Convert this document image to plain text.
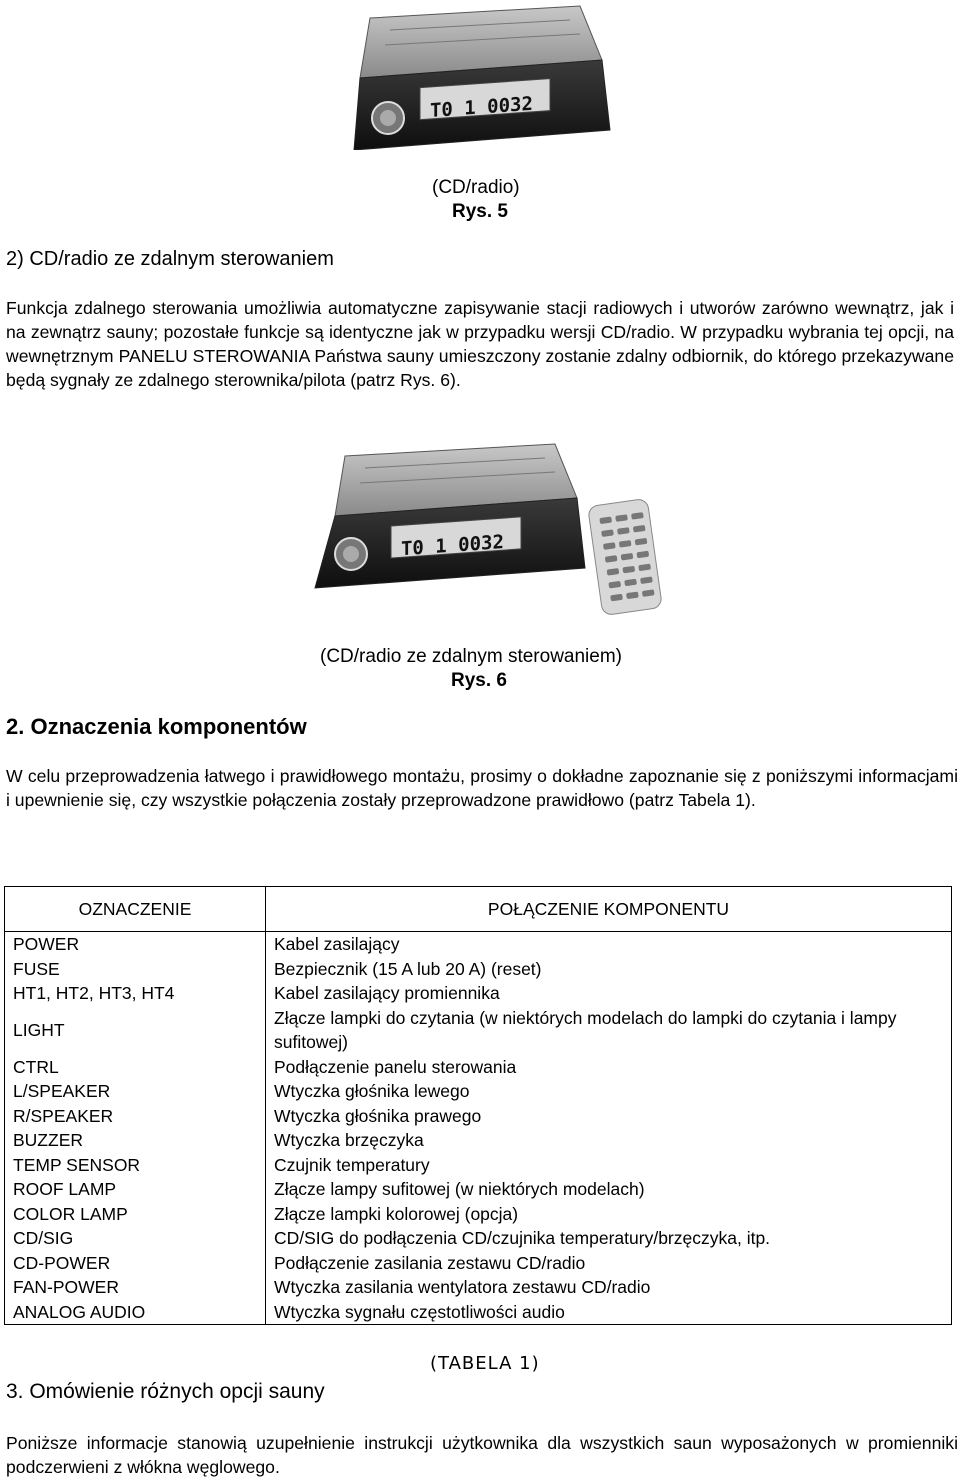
T0 1 0032
(CD/radio)
Rys. 5
2) CD/radio ze zdalnym sterowaniem

Funkcja zdalnego sterowania umożliwia automatyczne zapisywanie stacji radiowych i utworów zarówno wewnątrz, jak i na zewnątrz sauny; pozostałe funkcje są identyczne jak w przypadku wersji CD/radio. W przypadku wybrania tej opcji, na wewnętrznym PANELU STEROWANIA Państwa sauny umieszczony zostanie zdalny odbiornik, do którego przekazywane będą sygnały ze zdalnego sterownika/pilota (patrz Rys. 6).

T0 1 0032
(CD/radio ze zdalnym sterowaniem)
Rys. 6
2. Oznaczenia komponentów

W celu przeprowadzenia łatwego i prawidłowego montażu, prosimy o dokładne zapoznanie się z poniższymi informacjami i upewnienie się, czy wszystkie połączenia zostały przeprowadzone prawidłowo (patrz Tabela 1).

OZNACZENIE	POŁĄCZENIE KOMPONENTU
POWER	Kabel zasilający
FUSE	Bezpiecznik (15 A lub 20 A) (reset)
HT1, HT2, HT3, HT4	Kabel zasilający promiennika
LIGHT	Złącze lampki do czytania (w niektórych modelach do lampki do czytania i lampy sufitowej)
CTRL	Podłączenie panelu sterowania
L/SPEAKER	Wtyczka głośnika lewego
R/SPEAKER	Wtyczka głośnika prawego
BUZZER	Wtyczka brzęczyka
TEMP SENSOR	Czujnik temperatury
ROOF LAMP	Złącze lampy sufitowej (w niektórych modelach)
COLOR LAMP	Złącze lampki kolorowej (opcja)
CD/SIG	CD/SIG do podłączenia CD/czujnika temperatury/brzęczyka, itp.
CD-POWER	Podłączenie zasilania zestawu CD/radio
FAN-POWER	Wtyczka zasilania wentylatora zestawu CD/radio
ANALOG AUDIO	Wtyczka sygnału częstotliwości audio
(TABELA 1)
3. Omówienie różnych opcji sauny

Poniższe informacje stanowią uzupełnienie instrukcji użytkownika dla wszystkich saun wyposażonych w promienniki podczerwieni z włókna węglowego.
